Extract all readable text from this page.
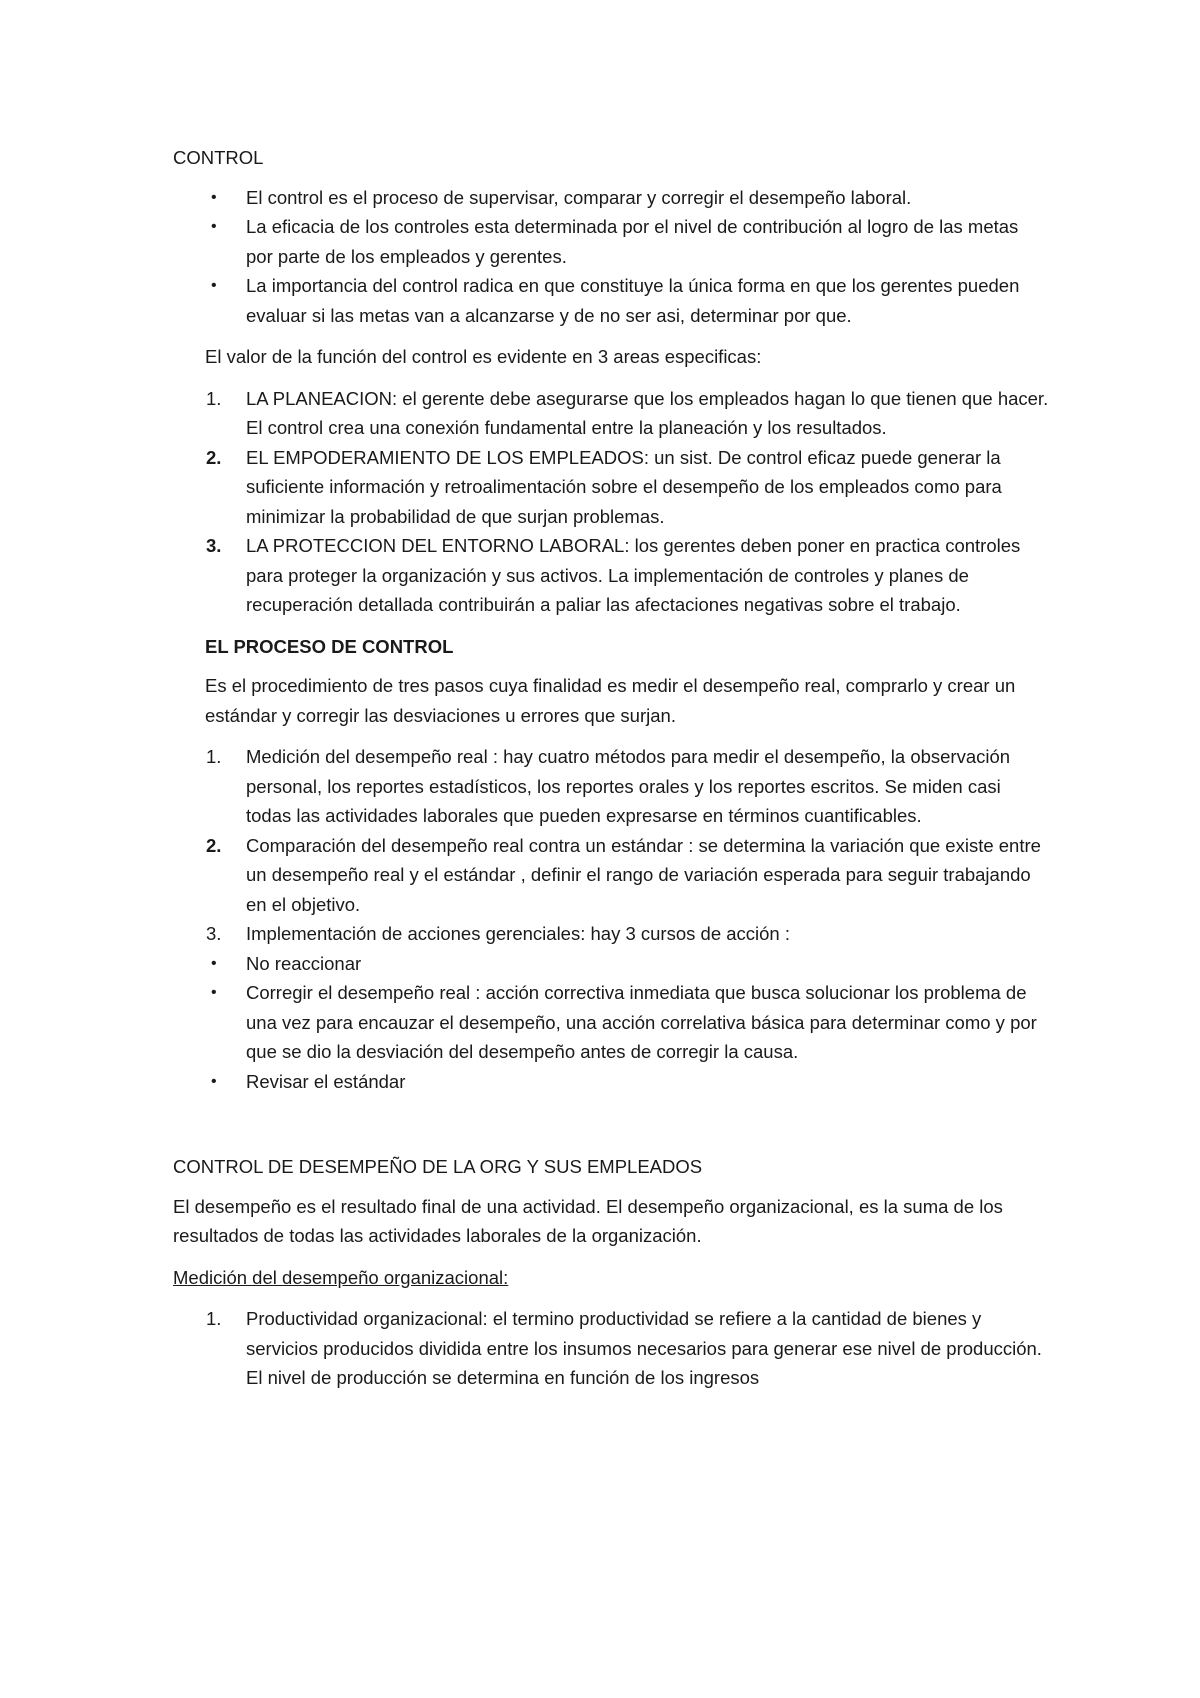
CONTROL
• El control es el proceso de supervisar, comparar y corregir el desempeño laboral.
• La eficacia de los controles esta determinada por el nivel de contribución al logro de las metas por parte de los empleados y gerentes.
• La importancia del control radica en que constituye la única forma en que los gerentes pueden evaluar si las metas van a alcanzarse y de no ser asi, determinar por que.
El valor de la función del control es evidente en 3 areas especificas:
1. LA PLANEACION: el gerente debe asegurarse que los empleados hagan lo que tienen que hacer. El control crea una conexión fundamental entre la planeación y los resultados.
2. EL EMPODERAMIENTO DE LOS EMPLEADOS: un sist. De control eficaz puede generar la suficiente información y retroalimentación sobre el desempeño de los empleados como para minimizar la probabilidad de que surjan problemas.
3. LA PROTECCION DEL ENTORNO LABORAL: los gerentes deben poner en practica controles para proteger la organización y sus activos. La implementación de controles y planes de recuperación detallada contribuirán a paliar las afectaciones negativas sobre el trabajo.
EL PROCESO DE CONTROL
Es el procedimiento de tres pasos cuya finalidad es medir el desempeño real, comprarlo y crear un estándar y corregir las desviaciones u errores que surjan.
1. Medición del desempeño real : hay cuatro métodos para medir el desempeño, la observación personal, los reportes estadísticos, los reportes orales y los reportes escritos. Se miden casi todas las actividades laborales que pueden expresarse en términos cuantificables.
2. Comparación del desempeño real contra un estándar : se determina la variación que existe entre un desempeño real y el estándar , definir el rango de variación esperada para seguir trabajando en el objetivo.
3. Implementación de acciones gerenciales: hay 3 cursos de acción :
• No reaccionar
• Corregir el desempeño real : acción correctiva inmediata que busca solucionar los problema de una vez para encauzar el desempeño, una acción correlativa básica para determinar como y por que se dio la desviación del desempeño antes de corregir la causa.
• Revisar el estándar
CONTROL DE DESEMPEÑO DE LA ORG Y SUS EMPLEADOS
El desempeño es el resultado final de una actividad. El desempeño organizacional, es la suma de los resultados de todas las actividades laborales de la organización.
Medición del desempeño organizacional:
1. Productividad organizacional: el termino productividad se refiere a la cantidad de bienes y servicios producidos dividida entre los insumos necesarios para generar ese nivel de producción. El nivel de producción se determina en función de los ingresos
